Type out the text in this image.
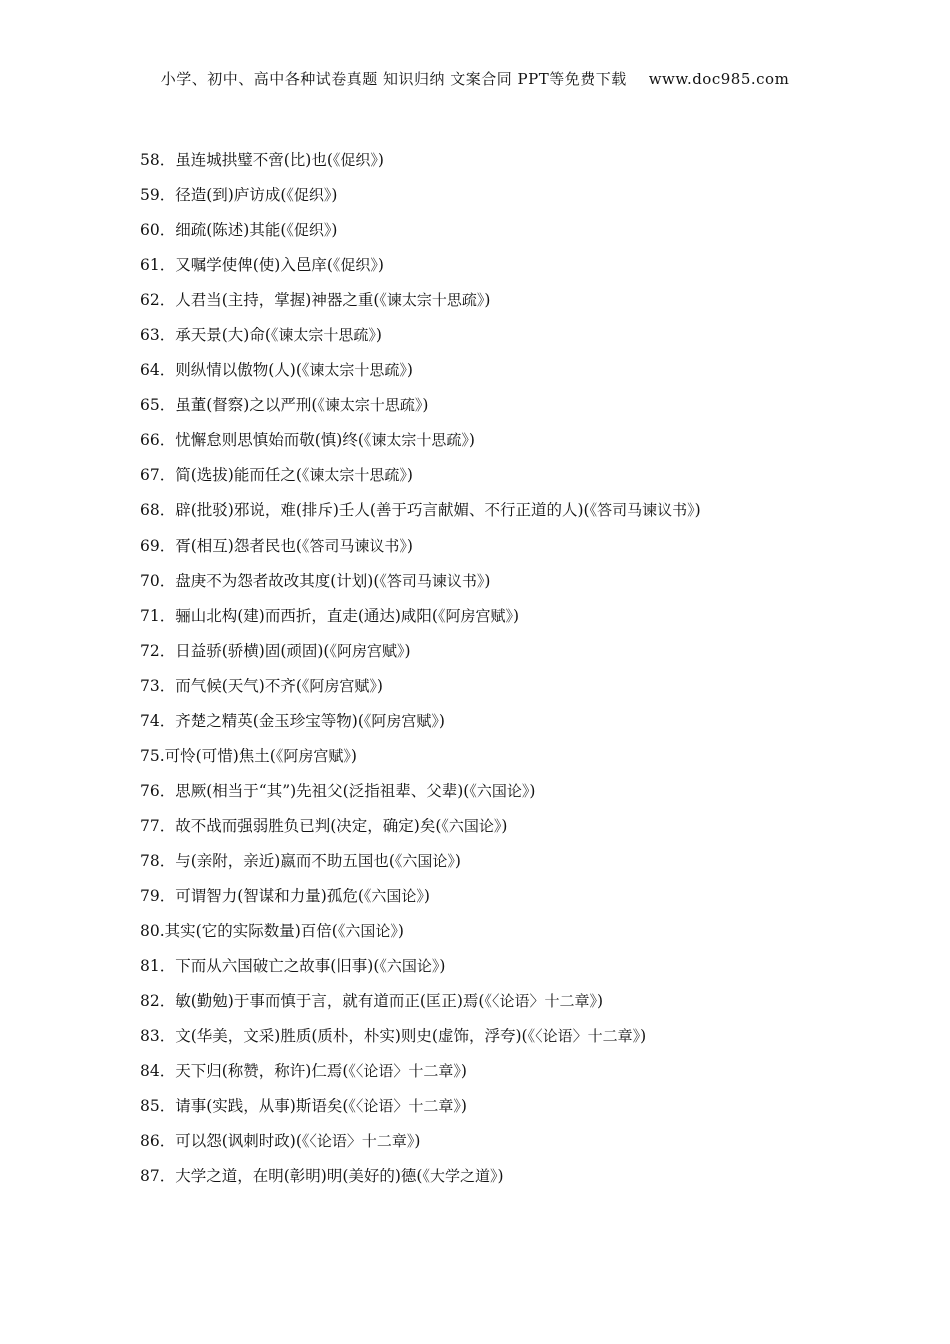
小学、初中、高中各种试卷真题 知识归纳 文案合同 PPT等免费下载 www.doc985.com
58．虽连城拱璧不啻(比)也(《促织》)
59．径造(到)庐访成(《促织》)
60．细疏(陈述)其能(《促织》)
61．又嘱学使俾(使)入邑庠(《促织》)
62．人君当(主持，掌握)神器之重(《谏太宗十思疏》)
63．承天景(大)命(《谏太宗十思疏》)
64．则纵情以傲物(人)(《谏太宗十思疏》)
65．虽董(督察)之以严刑(《谏太宗十思疏》)
66．忧懈怠则思慎始而敬(慎)终(《谏太宗十思疏》)
67．简(选拔)能而任之(《谏太宗十思疏》)
68．辟(批驳)邪说，难(排斥)壬人(善于巧言献媚、不行正道的人)(《答司马谏议书》)
69．胥(相互)怨者民也(《答司马谏议书》)
70．盘庚不为怨者故改其度(计划)(《答司马谏议书》)
71．骊山北构(建)而西折，直走(通达)咸阳(《阿房宫赋》)
72．日益骄(骄横)固(顽固)(《阿房宫赋》)
73．而气候(天气)不齐(《阿房宫赋》)
74．齐楚之精英(金玉珍宝等物)(《阿房宫赋》)
75.可怜(可惜)焦土(《阿房宫赋》)
76．思厥(相当于“其”)先祖父(泛指祖辈、父辈)(《六国论》)
77．故不战而强弱胜负已判(决定，确定)矣(《六国论》)
78．与(亲附，亲近)嬴而不助五国也(《六国论》)
79．可谓智力(智谋和力量)孤危(《六国论》)
80.其实(它的实际数量)百倍(《六国论》)
81．下而从六国破亡之故事(旧事)(《六国论》)
82．敏(勤勉)于事而慎于言，就有道而正(匡正)焉(《〈论语〉十二章》)
83．文(华美，文采)胜质(质朴，朴实)则史(虚饰，浮夸)(《〈论语〉十二章》)
84．天下归(称赞，称许)仁焉(《〈论语〉十二章》)
85．请事(实践，从事)斯语矣(《〈论语〉十二章》)
86．可以怨(讽刺时政)(《〈论语〉十二章》)
87．大学之道，在明(彰明)明(美好的)德(《大学之道》)
